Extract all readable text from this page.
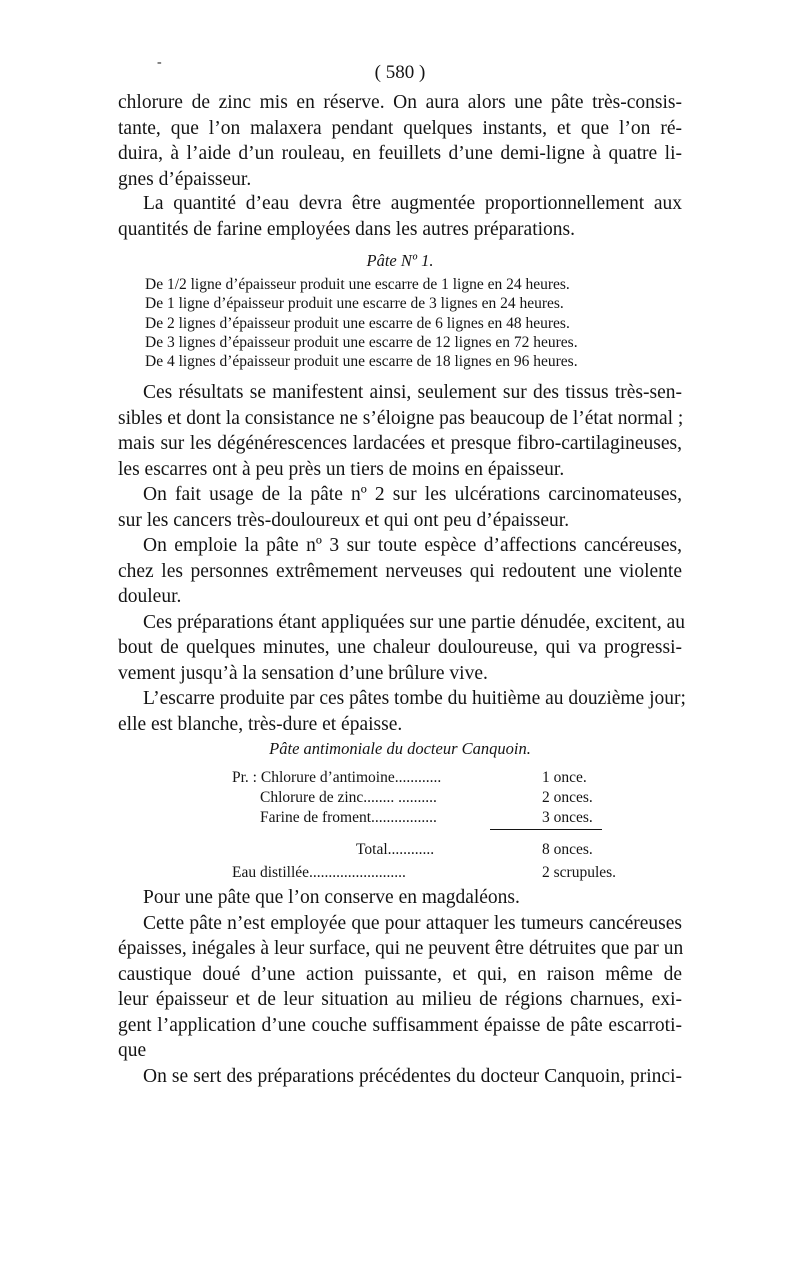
-	( 580 )
chlorure de zinc mis en réserve. On aura alors une pâte très-consis-
tante, que l’on malaxera pendant quelques instants, et que l’on ré-
duira, à l’aide d’un rouleau, en feuillets d’une demi-ligne à quatre li-
gnes d’épaisseur.
La quantité d’eau devra être augmentée proportionnellement aux
quantités de farine employées dans les autres préparations.
Pâte Nº 1.
De 1/2 ligne d’épaisseur produit une escarre de 1 ligne en 24 heures.
De 1 ligne d’épaisseur produit une escarre de 3 lignes en 24 heures.
De 2 lignes d’épaisseur produit une escarre de 6 lignes en 48 heures.
De 3 lignes d’épaisseur produit une escarre de 12 lignes en 72 heures.
De 4 lignes d’épaisseur produit une escarre de 18 lignes en 96 heures.
Ces résultats se manifestent ainsi, seulement sur des tissus très-sen-
sibles et dont la consistance ne s’éloigne pas beaucoup de l’état normal ;
mais sur les dégénérescences lardacées et presque fibro-cartilagineuses,
les escarres ont à peu près un tiers de moins en épaisseur.
On fait usage de la pâte nº 2 sur les ulcérations carcinomateuses,
sur les cancers très-douloureux et qui ont peu d’épaisseur.
On emploie la pâte nº 3 sur toute espèce d’affections cancéreuses,
chez les personnes extrêmement nerveuses qui redoutent une violente
douleur.
Ces préparations étant appliquées sur une partie dénudée, excitent, au
bout de quelques minutes, une chaleur douloureuse, qui va progressi-
vement jusqu’à la sensation d’une brûlure vive.
L’escarre produite par ces pâtes tombe du huitième au douzième jour;
elle est blanche, très-dure et épaisse.
Pâte antimoniale du docteur Canquoin.
Pr. : Chlorure d’antimoine............	1 once.
Chlorure de zinc........ ..........	2 onces.
Farine de froment.................	3 onces.
Total............	8 onces.
Eau distillée.........................	2 scrupules.
Pour une pâte que l’on conserve en magdaléons.
Cette pâte n’est employée que pour attaquer les tumeurs cancéreuses
épaisses, inégales à leur surface, qui ne peuvent être détruites que par un
caustique doué d’une action puissante, et qui, en raison même de
leur épaisseur et de leur situation au milieu de régions charnues, exi-
gent l’application d’une couche suffisamment épaisse de pâte escarroti-
que
On se sert des préparations précédentes du docteur Canquoin, princi-
